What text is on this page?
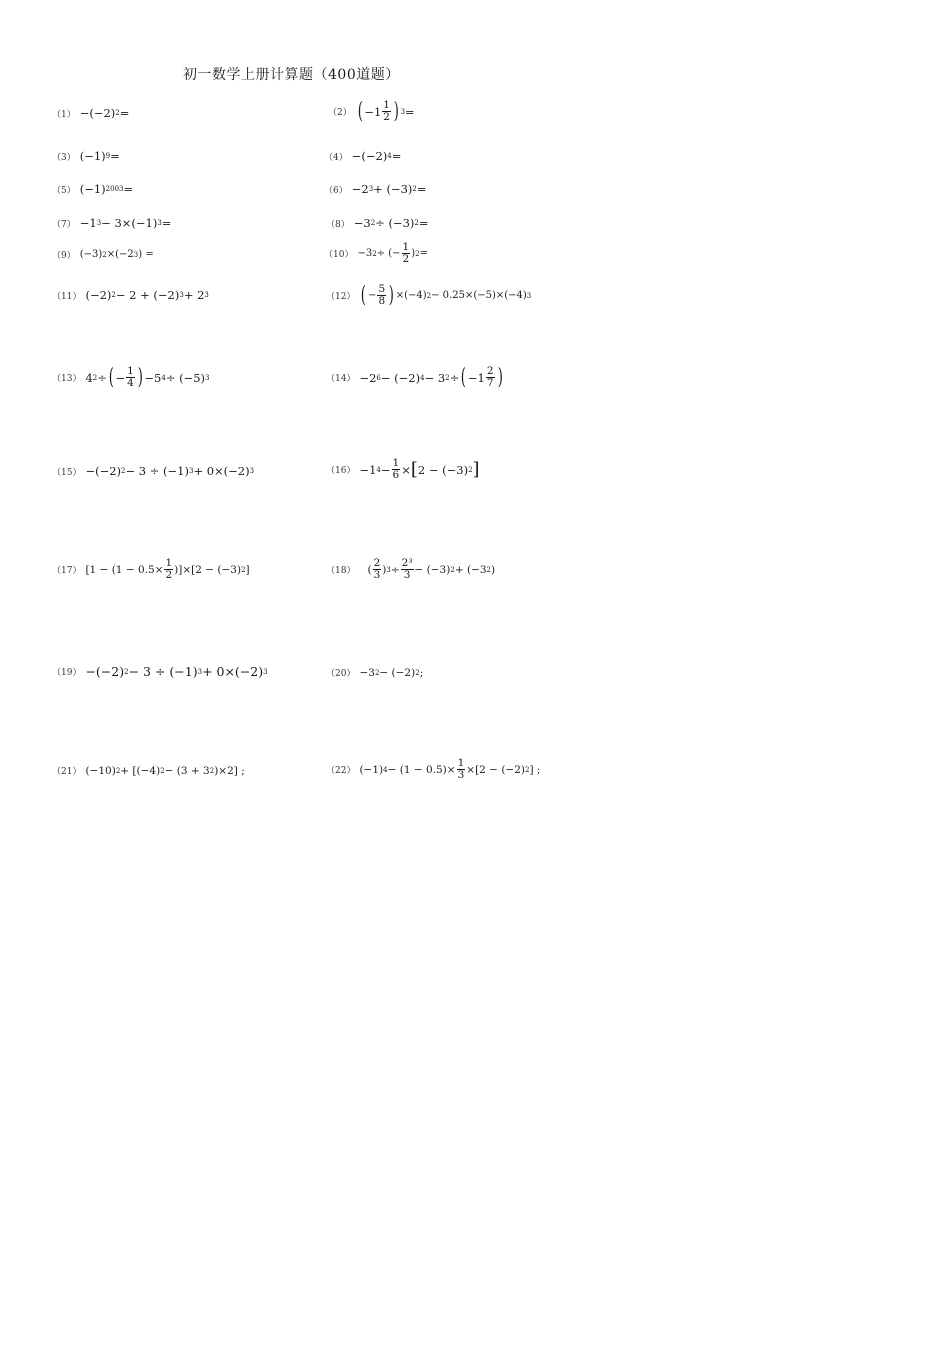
初一数学上册计算题（400道题）
（1） −(−2) 2 =	（2） ( $-1 \frac{1}{2}$ ) 3 =
（3） (−1) 9 =	（4） −(−2) 4 =
（5） (−1) 2003 =	（6） −2 3 + (−3) 2 =
（7） −1 3 − 3×(−1) 3 =	（8） −3 2 ÷ (−3) 2 =
（9） (−3) 2 ×(−2 3 ) =	（10） −3 2 ÷ (− $\frac{1}{2}$ ) 2 =
（11） (−2) 2 − 2 + (−2) 3 + 2 3	（12） ( − $\frac{5}{8}$ ) ×(−4) 2 − 0.25×(−5)×(−4) 3
（13） 4 2 ÷ ( − $\frac{1}{4}$ ) −5 4 ÷ (−5) 3	（14） −2 6 − (−2) 4 − 3 2 ÷ ( $-1 \frac{2}{7}$ )
（15） −(−2) 2 − 3 ÷ (−1) 3 + 0×(−2) 3	（16） −1 $4 - \frac{1}{6}$ × [ 2 − (−3) 2 ]
（17） $[1 - (1 - 0.5\times \frac{1}{2} )]\times[2 - (-3)$ 2 ]	（18） ( $\frac{2}{3}$ ) $3 \div \frac{\text{2³}}{3} - (-3) 2 + (-3$ 2 )
（19） −(−2) 2 − 3 ÷ (−1) 3 + 0×(−2) 3	（20） −3 2 − (−2) 2 ;
（21） (−10) 2 + [(−4) 2 − (3 + 3 2 )×2] ;	（22） (−1) $4 - (1 - 0.5)\times \frac{1}{3} \times[2 - (-2)$ 2 ] ;
